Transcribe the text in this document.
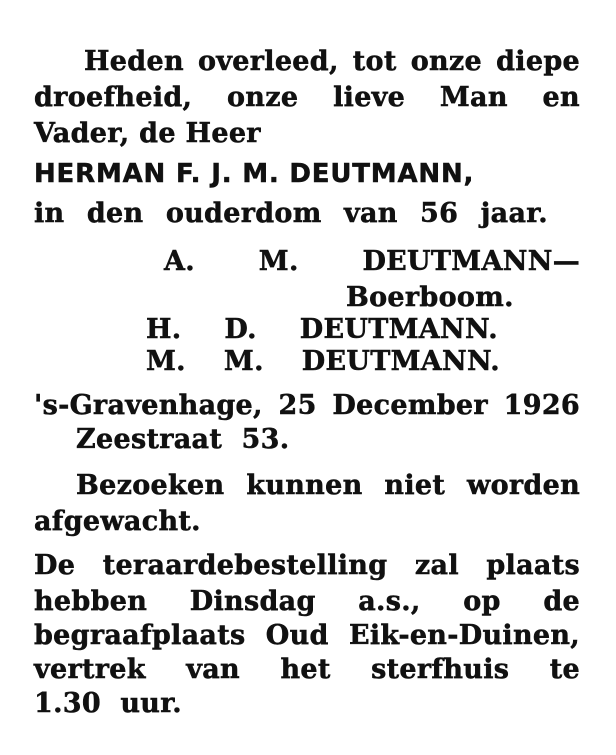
Heden overleed, tot onze diepe
droefheid, onze lieve Man en
Vader, de Heer
HERMAN F. J. M. DEUTMANN,
in den ouderdom van 56 jaar.
A. M. DEUTMANN—
Boerboom.
H. D. DEUTMANN.
M. M. DEUTMANN.
's-Gravenhage, 25 December 1926
Zeestraat  53.
Bezoeken kunnen niet worden
afgewacht.
De teraardebestelling zal plaats
hebben Dinsdag a.s., op de
begraafplaats Oud Eik-en-Duinen,
vertrek van het sterfhuis te
1.30  uur.
